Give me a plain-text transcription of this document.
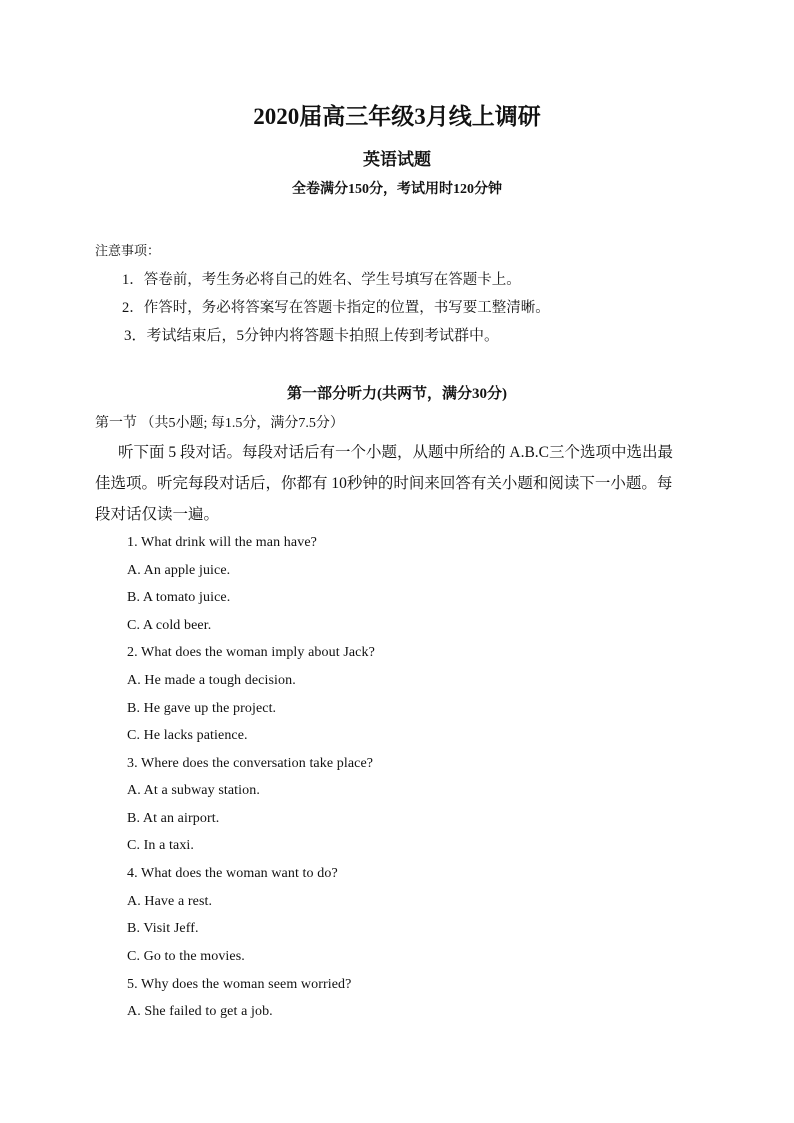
2020届高三年级3月线上调研
英语试题
全卷满分150分，考试用时120分钟
注意事项：
1．答卷前，考生务必将自己的姓名、学生号填写在答题卡上。
2．作答时，务必将答案写在答题卡指定的位置，书写要工整清晰。
3．考试结束后，5分钟内将答题卡拍照上传到考试群中。
第一部分听力(共两节，满分30分)
第一节 （共5小题; 每1.5分，满分7.5分）
听下面 5 段对话。每段对话后有一个小题，从题中所给的 A.B.C三个选项中选出最
佳选项。听完每段对话后，你都有 10秒钟的时间来回答有关小题和阅读下一小题。每
段对话仅读一遍。
1. What drink will the man have?
A. An apple juice.
B. A tomato juice.
C. A cold beer.
2. What does the woman imply about Jack?
A. He made a tough decision.
B. He gave up the project.
C. He lacks patience.
3. Where does the conversation take place?
A. At a subway station.
B. At an airport.
C. In a taxi.
4. What does the woman want to do?
A. Have a rest.
B. Visit Jeff.
C. Go to the movies.
5. Why does the woman seem worried?
A. She failed to get a job.
